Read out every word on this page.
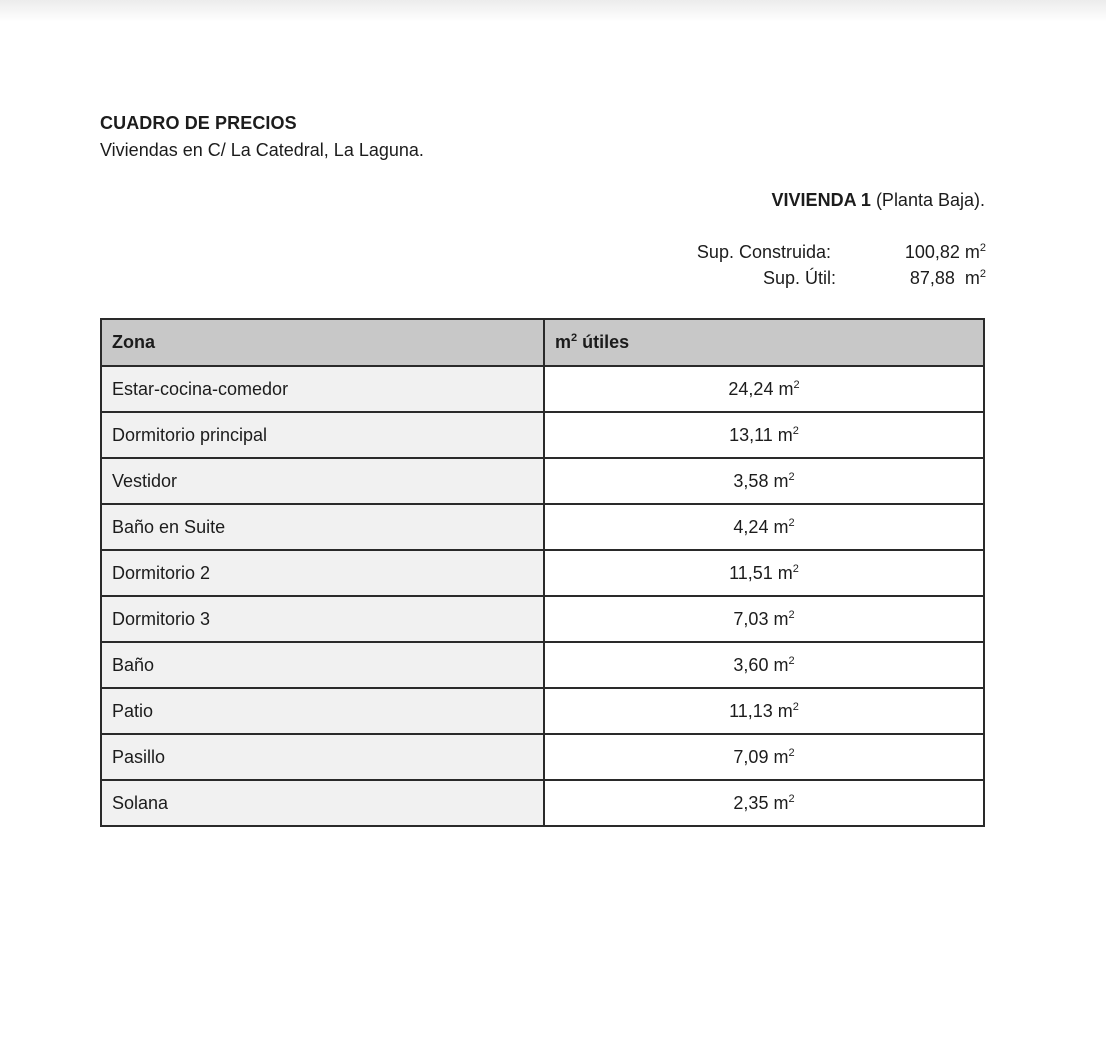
CUADRO DE PRECIOS
Viviendas en C/ La Catedral, La Laguna.
VIVIENDA 1 (Planta Baja).
Sup. Construida:	100,82 $m^2$
Sup. Útil:	87,88  $m^2$
Zona	$m^2$ útiles
Estar-cocina-comedor	24,24 $m^2$
Dormitorio principal	13,11 $m^2$
Vestidor	3,58 $m^2$
Baño en Suite	4,24 $m^2$
Dormitorio 2	11,51 $m^2$
Dormitorio 3	7,03 $m^2$
Baño	3,60 $m^2$
Patio	11,13 $m^2$
Pasillo	7,09 $m^2$
Solana	2,35 $m^2$
